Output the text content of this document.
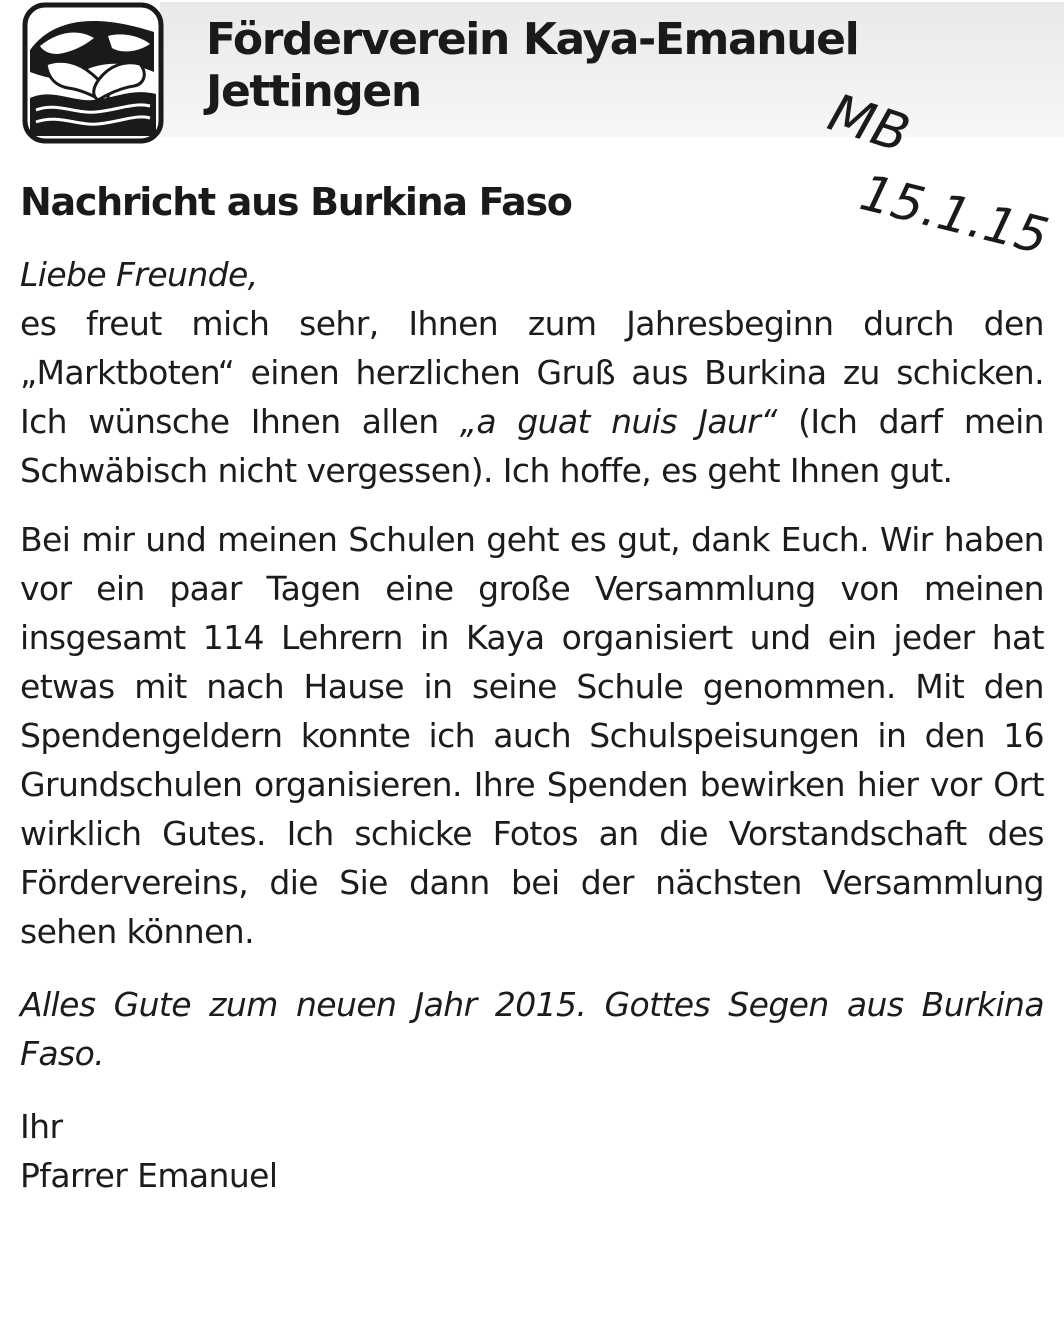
Förderverein Kaya-Emanuel
Jettingen	MB
15.1.15
Nachricht aus Burkina Faso

Liebe Freunde,

es freut mich sehr, Ihnen zum Jahresbeginn durch den „Marktboten“ einen herzlichen Gruß aus Burkina zu schicken. Ich wünsche Ihnen allen „a guat nuis Jaur“ (Ich darf mein Schwäbisch nicht vergessen). Ich hoffe, es geht Ihnen gut.

Bei mir und meinen Schulen geht es gut, dank Euch. Wir haben vor ein paar Tagen eine große Versammlung von meinen insgesamt 114 Lehrern in Kaya organisiert und ein jeder hat etwas mit nach Hause in seine Schule genommen. Mit den Spendengeldern konnte ich auch Schulspeisungen in den 16 Grundschulen organisieren. Ihre Spenden bewirken hier vor Ort wirklich Gutes. Ich schicke Fotos an die Vorstandschaft des Fördervereins, die Sie dann bei der nächsten Versammlung sehen können.

Alles Gute zum neuen Jahr 2015. Gottes Segen aus Burkina Faso.

Ihr

Pfarrer Emanuel
